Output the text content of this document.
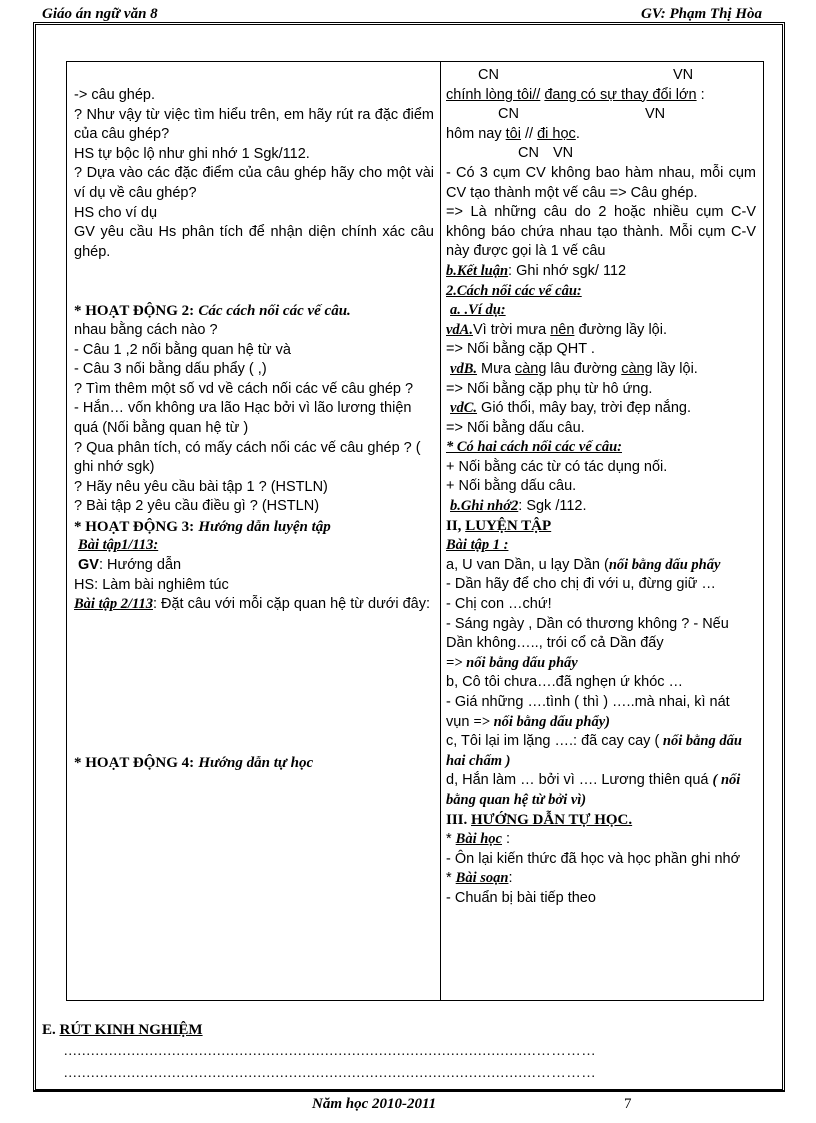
Giáo án ngữ văn 8	GV: Phạm Thị Hòa
-> câu ghép.
? Như vậy từ việc tìm hiểu trên, em hãy rút ra đặc điểm của câu ghép?
HS tự bộc lộ như ghi nhớ 1 Sgk/112.
? Dựa vào các đặc điểm của câu ghép hãy cho một vài ví dụ về câu ghép?
HS cho ví dụ
GV yêu cầu Hs phân tích để nhận diện chính xác câu ghép.
* HOẠT ĐỘNG 2: Các cách nối các vế câu.
nhau bằng cách nào ?
- Câu 1 ,2 nối bằng quan hệ từ và
- Câu 3 nối bằng dấu phẩy ( ,)
? Tìm thêm một số vd về cách nối các vế câu ghép ?
- Hắn… vốn không ưa lão Hạc bởi vì lão lương thiện quá (Nối bằng quan hệ từ )
? Qua phân tích, có mấy cách nối các vế câu ghép ? ( ghi nhớ sgk)
? Hãy nêu yêu cầu bài tập 1 ? (HSTLN)
? Bài tập 2 yêu cầu điều gì ? (HSTLN)
* HOẠT ĐỘNG 3: Hướng dẫn luyện tập
Bài tập1/113:
GV: Hướng dẫn
HS: Làm bài nghiêm túc
Bài tập 2/113: Đặt câu với mỗi cặp quan hệ từ dưới đây:
* HOẠT ĐỘNG 4: Hướng dẫn tự học
CN	VN
chính lòng tôi// đang có sự thay đổi lớn :
CN	VN
hôm nay tôi // đi học.
CN VN
- Có 3 cụm CV không bao hàm nhau, mỗi cụm CV tạo thành một vế câu => Câu ghép.
=> Là những câu do 2 hoặc nhiều cụm C-V không báo chứa nhau tạo thành. Mỗi cụm C-V này được gọi là 1 vế câu
b.Kết luận: Ghi nhớ sgk/ 112
2.Cách nối các vế câu:
a. .Ví dụ:
vdA.Vì trời mưa nên đường lầy lội.
=> Nối bằng cặp QHT .
vdB. Mưa càng lâu đường càng lầy lội.
=> Nối bằng cặp phụ từ hô ứng.
vdC. Gió thổi, mây bay, trời đẹp nắng.
=> Nối bằng dấu câu.
* Có hai cách nối các vế câu:
+ Nối bằng các từ có tác dụng nối.
+ Nối bằng dấu câu.
b.Ghi nhớ2: Sgk /112.
II, LUYỆN TẬP
Bài tập 1 :
a, U van Dần, u lạy Dần (nối bằng dấu phẩy
- Dần hãy để cho chị đi với u, đừng giữ …
- Chị con …chứ!
- Sáng ngày , Dần có thương không ? - Nếu Dần không….., trói cổ cả Dần đấy
=> nối bằng dấu phẩy
b, Cô tôi chưa….đã nghẹn ứ khóc …
- Giá những ….tình ( thì ) …..mà nhai, kì nát vụn => nối bằng dấu phẩy)
c, Tôi lại im lặng ….: đã cay cay ( nối bằng dấu hai chấm )
d, Hắn làm … bởi vì …. Lương thiên quá ( nối bằng quan hệ từ bởi vì)
III. HƯỚNG DẪN TỰ HỌC.
* Bài học :
- Ôn lại kiến thức đã học và học phần ghi nhớ
* Bài soạn:
- Chuẩn bị bài tiếp theo
E. RÚT KINH NGHIỆM
.........................................................................................................…………
.........................................................................................................…………
Năm học 2010-2011	7
